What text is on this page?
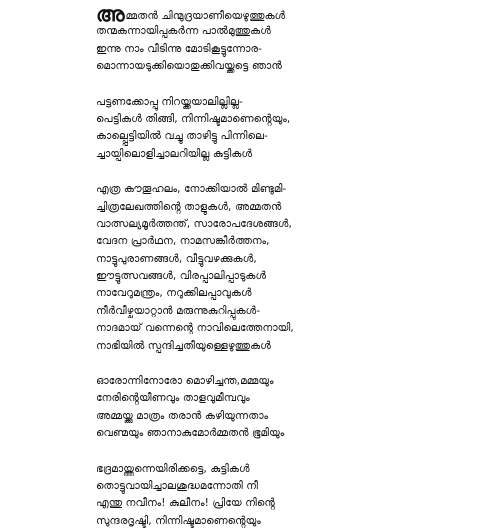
അമ്മതൻ ചിന്മുദ്രയാണീയെഴുത്തുകൾ
തന്മകന്നായിപ്പകർന്ന പാൽമുത്തുകൾ
ഇന്നു നാം വീടിന്നു മോടികൂട്ടുന്നോര-
മൊന്നായടുക്കിയൊതുക്കിവയ്ക്കട്ടെ ഞാൻ
പട്ടണക്കോപ്പു നിറയ്ക്കയാലില്ലില്ല-
പെട്ടികൾ തിങ്ങി, നിന്നിഷ്ടമാണെൻ്റെയും,
കാല്പ്പെട്ടിയിൽ വച്ചു താഴിട്ടു പിന്നിലെ-
ച്ചായ്പിലൊളിച്ചാലറിയില്ല കുട്ടികൾ
എത്ര കൗതൂഹലം, നോക്കിയാൽ മിണ്ടുമി-
ച്ചിത്രലേഖത്തിൻ്റെ താളുകൾ, അമ്മതൻ
വാത്സല്യമൂർത്തന്ത്, സാരോപദേശങ്ങൾ,
വേദന പ്രാർഥന, നാമസങ്കീർത്തനം,
നാട്ടുപുരാണങ്ങൾ, വീട്ടുവഴക്കുകൾ,
ഈട്ടുത്സവങ്ങൾ, വിരപ്പാലിപ്പാടുകൾ
നാവേറുമന്ത്രം, നറുക്കിലപ്പാവുകൾ
നീർവീഴ്ചയാറ്റാൻ മരുന്നുകുറിപ്പുകൾ-
നാദമായ് വന്നെന്റെ നാവിലെത്തേനായി,
നാഭിയിൽ സ്പന്ദിച്ചതീയുള്ളെഴുത്തുകൾ
ഓരോന്നിനോരോ മൊഴിച്ചന്ത,മമ്മയും
നേരിൻ്റെയീണവും താളവുമീമ്പവും
അമ്മയ്ക്കു മാത്രം തരാൻ കഴിയുന്നതാം
വെണ്മയും ഞാനാകുമോർമ്മതൻ ഭൂമിയും
ഭദ്രമായ്ത്തന്നെയിരിക്കട്ടെ, കുട്ടികൾ
തൊട്ടുവായിച്ചാലശുദ്ധമന്നോതി നീ
എന്തു നവീനം! കുലീനം! പ്രിയേ നിൻ്റെ
സുന്ദരദൃഷ്ടി, നിന്നിഷ്ടമാണെൻ്റെയും
